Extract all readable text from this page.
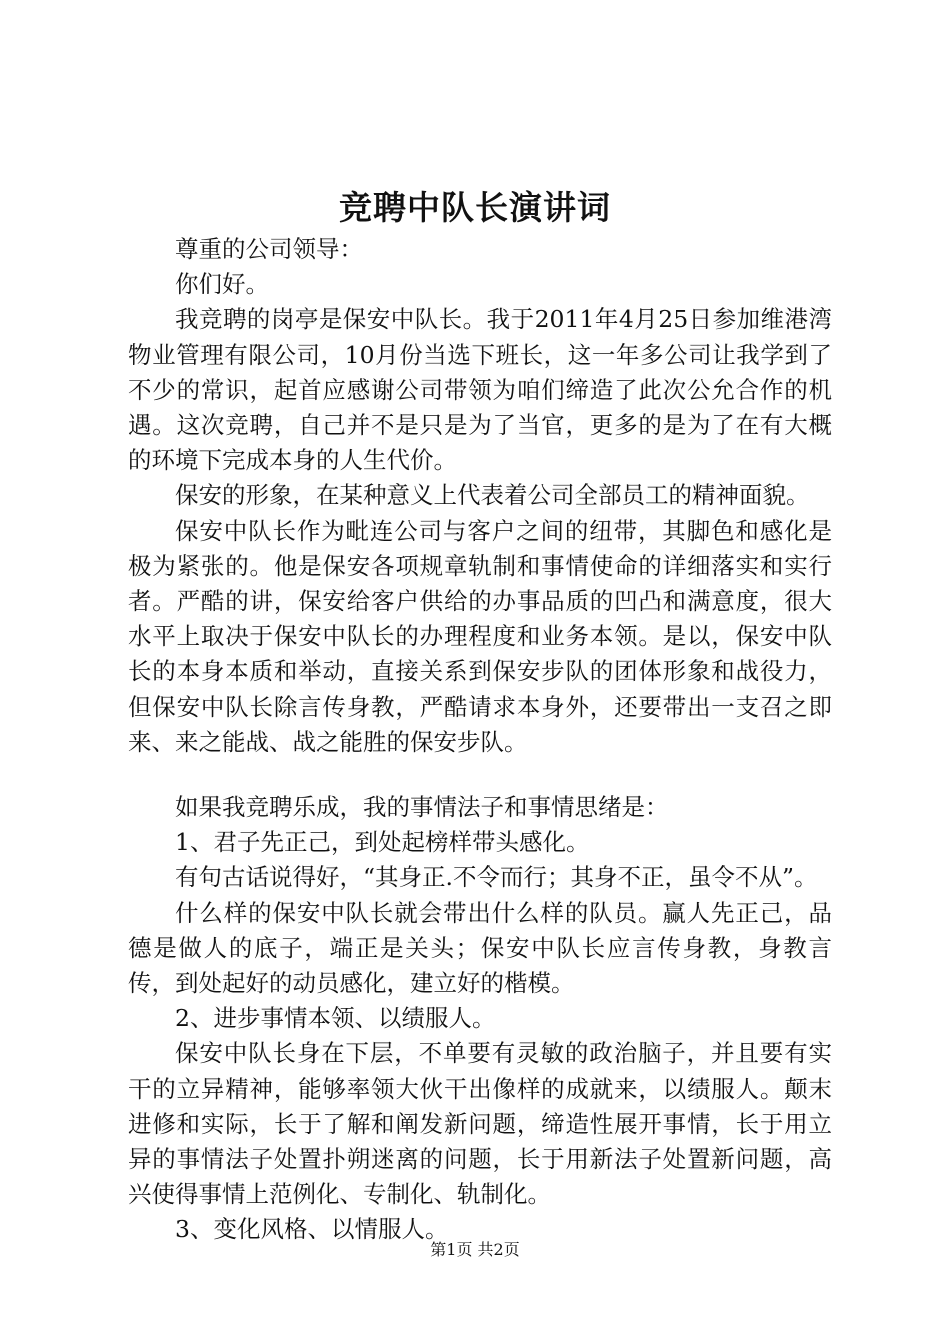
竞聘中队长演讲词

尊重的公司领导：

你们好。

我竞聘的岗亭是保安中队长。我于2011年4月25日参加维港湾物业管理有限公司，10月份当选下班长，这一年多公司让我学到了不少的常识，起首应感谢公司带领为咱们缔造了此次公允合作的机遇。这次竞聘，自己并不是只是为了当官，更多的是为了在有大概的环境下完成本身的人生代价。

保安的形象，在某种意义上代表着公司全部员工的精神面貌。

保安中队长作为毗连公司与客户之间的纽带，其脚色和感化是极为紧张的。他是保安各项规章轨制和事情使命的详细落实和实行者。严酷的讲，保安给客户供给的办事品质的凹凸和满意度，很大水平上取决于保安中队长的办理程度和业务本领。是以，保安中队长的本身本质和举动，直接关系到保安步队的团体形象和战役力，但保安中队长除言传身教，严酷请求本身外，还要带出一支召之即来、来之能战、战之能胜的保安步队。

如果我竞聘乐成，我的事情法子和事情思绪是：

1、君子先正己，到处起榜样带头感化。

有句古话说得好，“其身正.不令而行；其身不正，虽令不从”。

什么样的保安中队长就会带出什么样的队员。赢人先正己，品德是做人的底子，端正是关头；保安中队长应言传身教，身教言传，到处起好的动员感化，建立好的楷模。

2、进步事情本领、以绩服人。

保安中队长身在下层，不单要有灵敏的政治脑子，并且要有实干的立异精神，能够率领大伙干出像样的成就来，以绩服人。颠末进修和实际，长于了解和阐发新问题，缔造性展开事情，长于用立异的事情法子处置扑朔迷离的问题，长于用新法子处置新问题，高兴使得事情上范例化、专制化、轨制化。

3、变化风格、以情服人。

第1页 共2页
